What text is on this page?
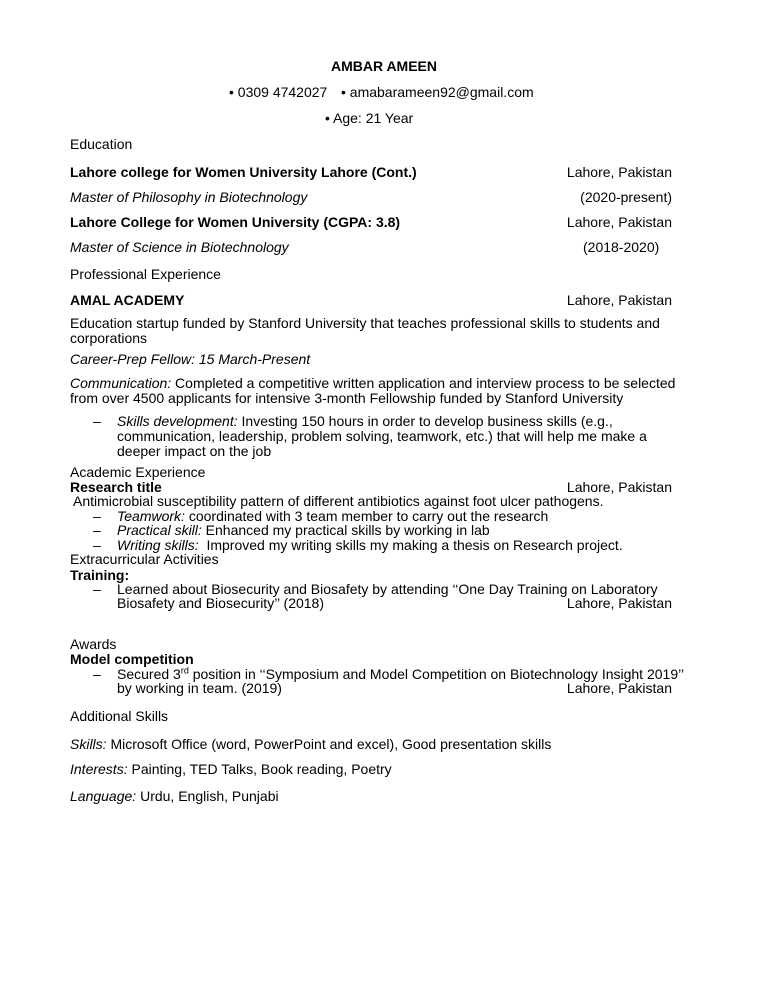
AMBAR AMEEN
• 0309 4742027 • amabarameen92@gmail.com
• Age: 21 Year
Education
Lahore college for Women University Lahore (Cont.)	Lahore, Pakistan
Master of Philosophy in Biotechnology	(2020-present)
Lahore College for Women University (CGPA: 3.8)	Lahore, Pakistan
Master of Science in Biotechnology	(2018-2020)
Professional Experience
AMAL ACADEMY	Lahore, Pakistan
Education startup funded by Stanford University that teaches professional skills to students and
corporations
Career-Prep Fellow: 15 March-Present
Communication: Completed a competitive written application and interview process to be selected
from over 4500 applicants for intensive 3-month Fellowship funded by Stanford University
– Skills development: Investing 150 hours in order to develop business skills (e.g.,
communication, leadership, problem solving, teamwork, etc.) that will help me make a
deeper impact on the job
Academic Experience
Research title	Lahore, Pakistan
Antimicrobial susceptibility pattern of different antibiotics against foot ulcer pathogens.
– Teamwork: coordinated with 3 team member to carry out the research
– Practical skill: Enhanced my practical skills by working in lab
– Writing skills:  Improved my writing skills my making a thesis on Research project.
Extracurricular Activities
Training:
– Learned about Biosecurity and Biosafety by attending ‘‘One Day Training on Laboratory
Biosafety and Biosecurity’’ (2018)	Lahore, Pakistan
Awards
Model competition
– Secured 3rd position in ‘‘Symposium and Model Competition on Biotechnology Insight 2019’’
by working in team. (2019)	Lahore, Pakistan
Additional Skills
Skills: Microsoft Office (word, PowerPoint and excel), Good presentation skills
Interests: Painting, TED Talks, Book reading, Poetry
Language: Urdu, English, Punjabi
